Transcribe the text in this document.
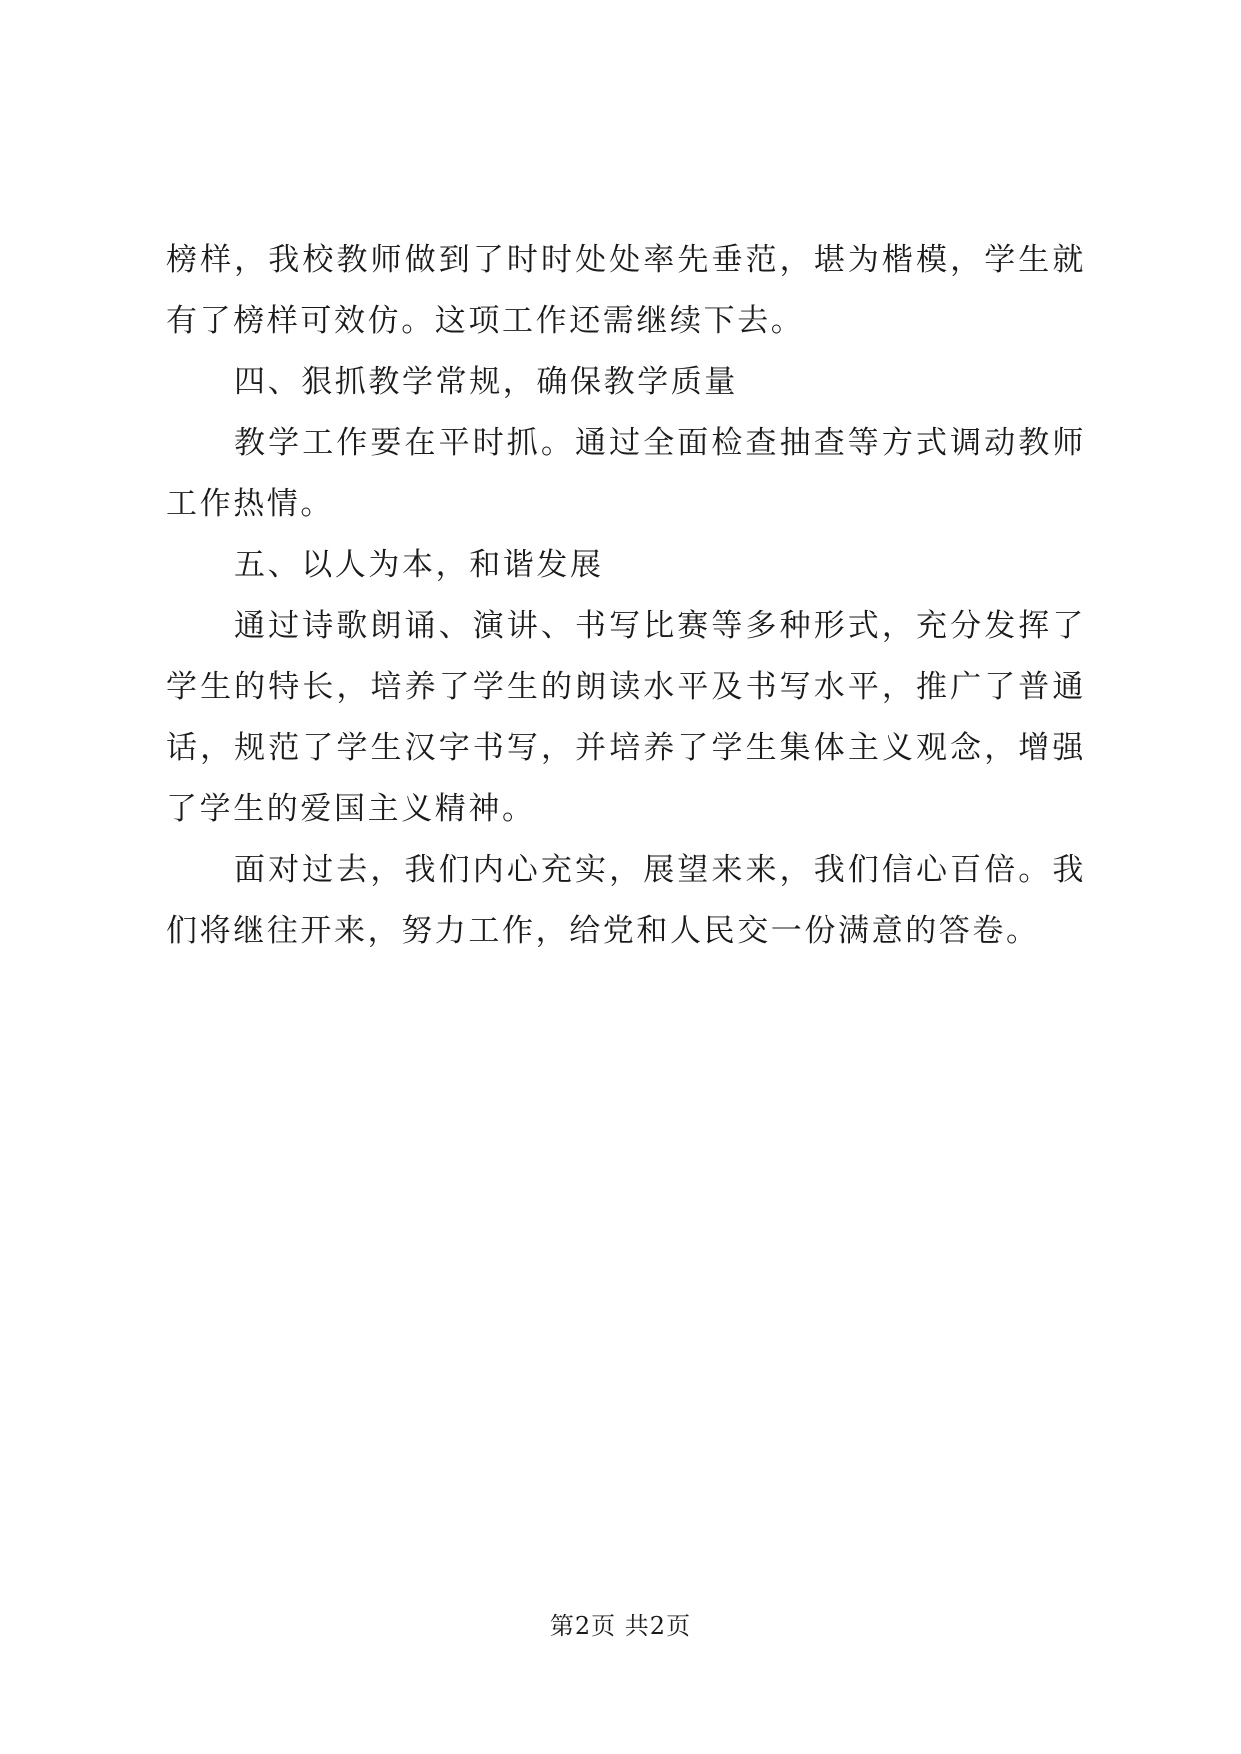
榜样，我校教师做到了时时处处率先垂范，堪为楷模，学生就有了榜样可效仿。这项工作还需继续下去。

四、狠抓教学常规，确保教学质量

教学工作要在平时抓。通过全面检查抽查等方式调动教师工作热情。

五、以人为本，和谐发展

通过诗歌朗诵、演讲、书写比赛等多种形式，充分发挥了学生的特长，培养了学生的朗读水平及书写水平，推广了普通话，规范了学生汉字书写，并培养了学生集体主义观念，增强了学生的爱国主义精神。

面对过去，我们内心充实，展望来来，我们信心百倍。我们将继往开来，努力工作，给党和人民交一份满意的答卷。

第2页 共2页
